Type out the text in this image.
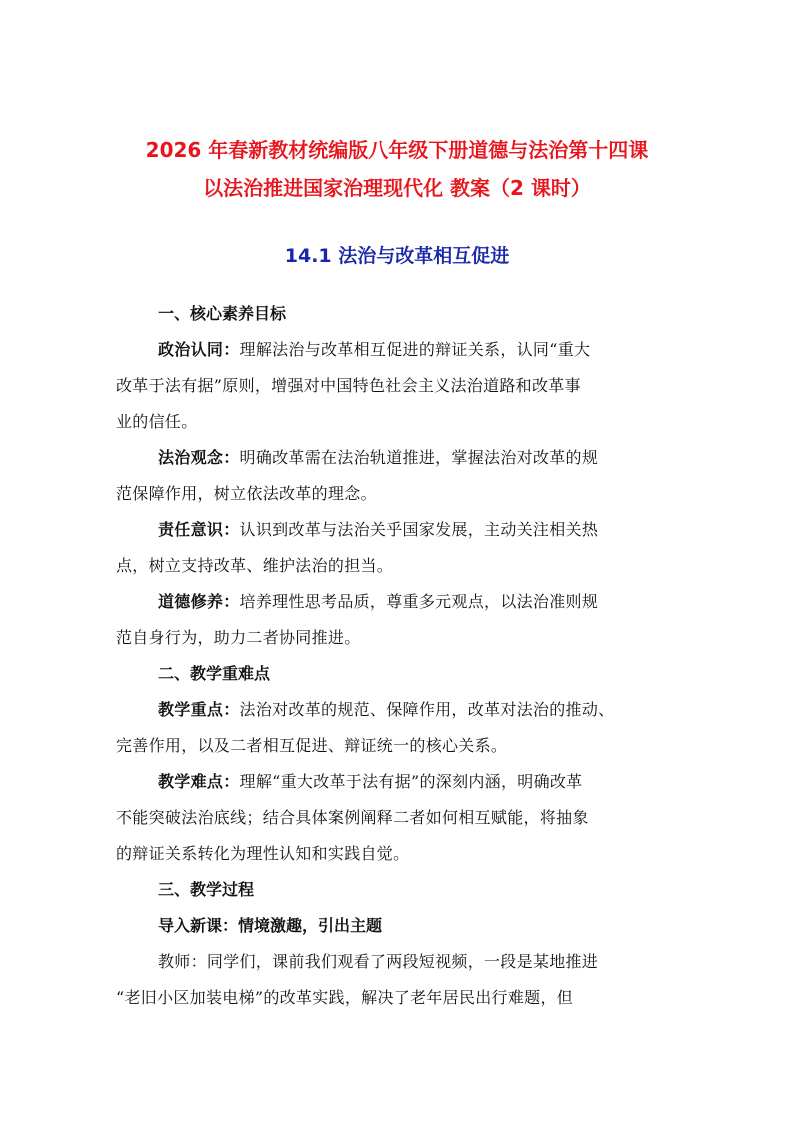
2026 年春新教材统编版八年级下册道德与法治第十四课
以法治推进国家治理现代化 教案（2 课时）
14.1 法治与改革相互促进
一、核心素养目标
政治认同：理解法治与改革相互促进的辩证关系，认同“重大
改革于法有据”原则，增强对中国特色社会主义法治道路和改革事
业的信任。
法治观念：明确改革需在法治轨道推进，掌握法治对改革的规
范保障作用，树立依法改革的理念。
责任意识：认识到改革与法治关乎国家发展，主动关注相关热
点，树立支持改革、维护法治的担当。
道德修养：培养理性思考品质，尊重多元观点，以法治准则规
范自身行为，助力二者协同推进。
二、教学重难点
教学重点：法治对改革的规范、保障作用，改革对法治的推动、
完善作用，以及二者相互促进、辩证统一的核心关系。
教学难点：理解“重大改革于法有据”的深刻内涵，明确改革
不能突破法治底线；结合具体案例阐释二者如何相互赋能，将抽象
的辩证关系转化为理性认知和实践自觉。
三、教学过程
导入新课：情境激趣，引出主题
教师：同学们，课前我们观看了两段短视频，一段是某地推进
“老旧小区加装电梯”的改革实践，解决了老年居民出行难题，但
